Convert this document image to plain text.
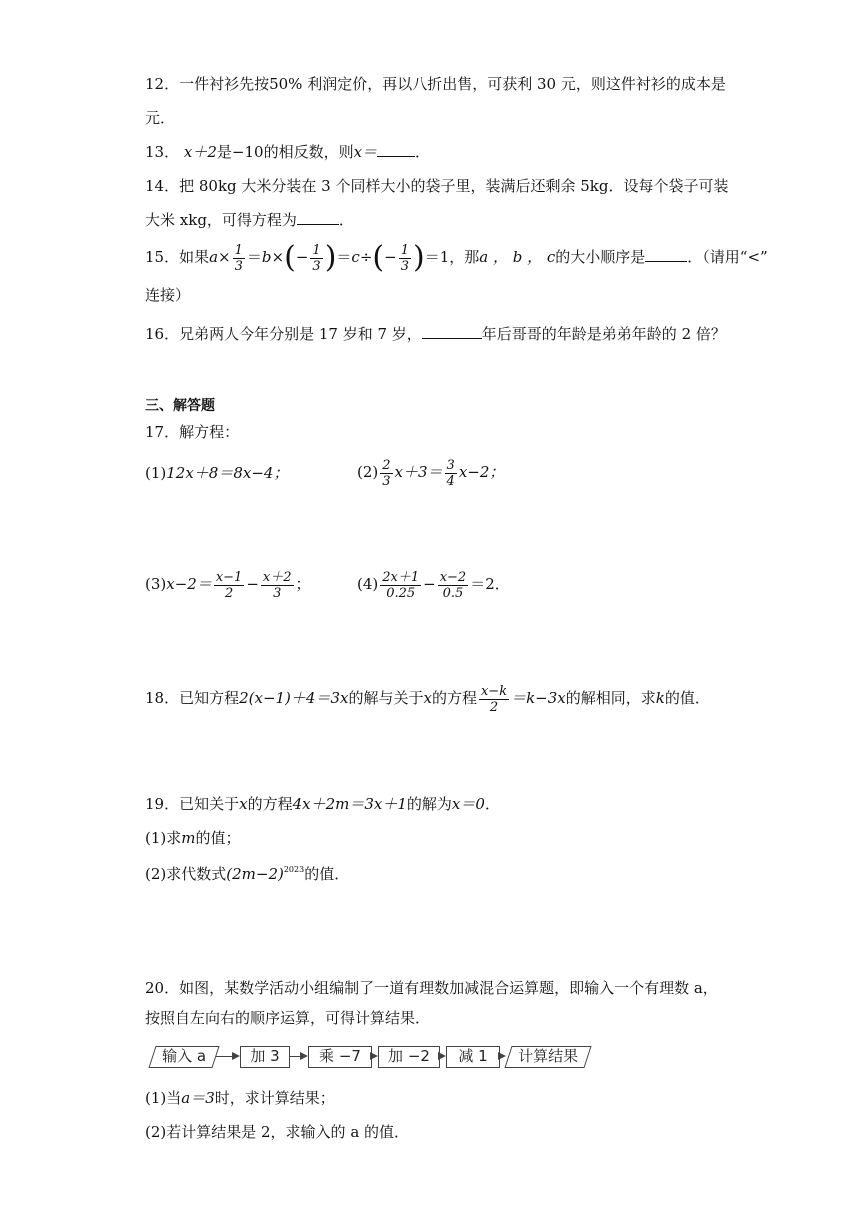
12．一件衬衫先按50% 利润定价，再以八折出售，可获利 30 元，则这件衬衫的成本是
元．
13． x＋2是−10的相反数，则x＝	．
14．把 80kg 大米分装在 3 个同样大小的袋子里，装满后还剩余 5kg．设每个袋子可装
大米 xkg，可得方程为	．
15．如果$a\times \frac{1}{3} =b\times(- \frac{1}{3} )=c\div(- \frac{1}{3} )=1$，那a ， b ， c的大小顺序是	．（请用“<”
连接）
16．兄弟两人今年分别是 17 岁和 7 岁，	年后哥哥的年龄是弟弟年龄的 2 倍？
三、解答题
17．解方程：
(1)12x＋8＝8x−4；	$(2) \frac{2}{3} x+3= \frac{3}{4} x-2$；
$(3)x-2= \frac{x-1}{2} - \frac{x+2}{3}$ ；	$(4) \frac{2x+1}{0.25} - \frac{x-2}{0.5} =2$．
18．已知方程2(x−1)＋4＝3x的解与关于x的方程 $\frac{x-k}{2} =k-3x$的解相同，求k的值．
19．已知关于x的方程4x＋2m＝3x＋1的解为x＝0．
(1)求m的值；
(2)求代数式$(2m-2)^{2023}$的值．
20．如图，某数学活动小组编制了一道有理数加减混合运算题，即输入一个有理数 a，
按照自左向右的顺序运算，可得计算结果．
输入 a	加 3	乘 −7	加 −2	减 1	计算结果
(1)当a＝3时，求计算结果；
(2)若计算结果是 2，求输入的 a 的值．
